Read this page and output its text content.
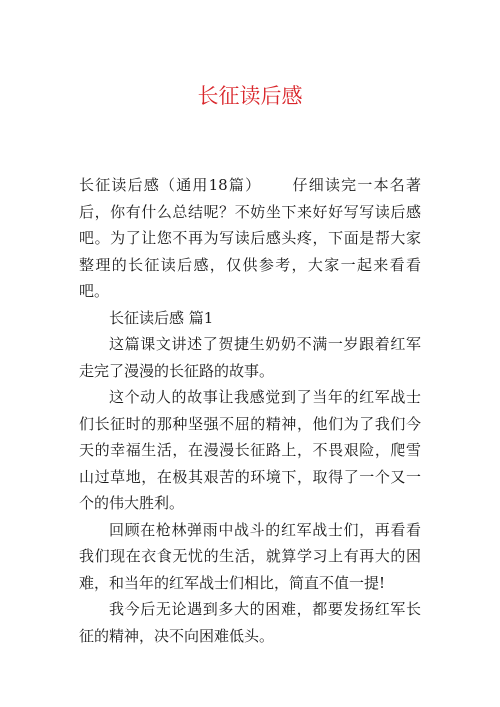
长征读后感

长征读后感（通用18篇） 仔细读完一本名著后，你有什么总结呢？不妨坐下来好好写写读后感吧。为了让您不再为写读后感头疼，下面是帮大家整理的长征读后感，仅供参考，大家一起来看看吧。

长征读后感 篇1

这篇课文讲述了贺捷生奶奶不满一岁跟着红军走完了漫漫的长征路的故事。

这个动人的故事让我感觉到了当年的红军战士们长征时的那种坚强不屈的精神，他们为了我们今天的幸福生活，在漫漫长征路上，不畏艰险，爬雪山过草地，在极其艰苦的环境下，取得了一个又一个的伟大胜利。

回顾在枪林弹雨中战斗的红军战士们，再看看我们现在衣食无忧的生活，就算学习上有再大的困难，和当年的红军战士们相比，简直不值一提!

我今后无论遇到多大的困难，都要发扬红军长征的精神，决不向困难低头。
